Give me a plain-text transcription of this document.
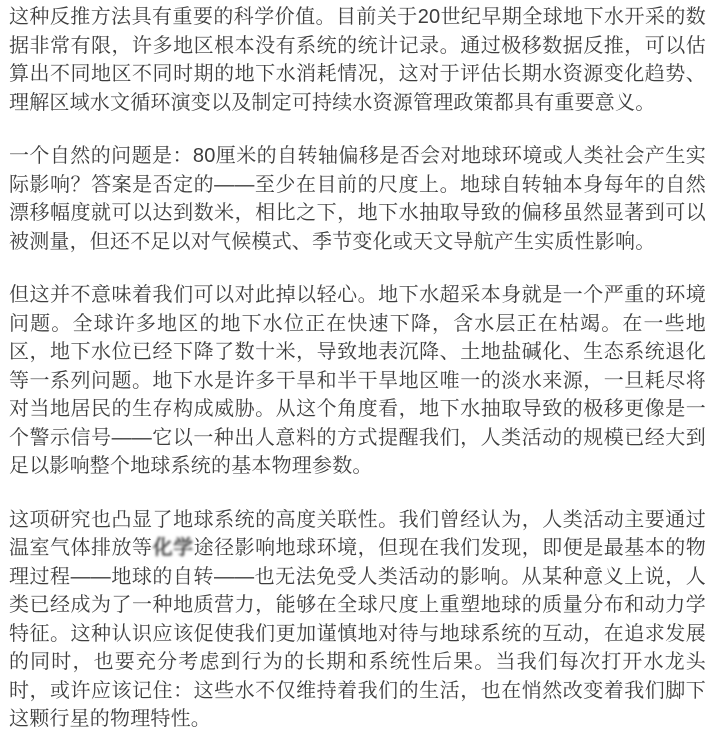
这种反推方法具有重要的科学价值。目前关于20世纪早期全球地下水开采的数据非常有限，许多地区根本没有系统的统计记录。通过极移数据反推，可以估算出不同地区不同时期的地下水消耗情况，这对于评估长期水资源变化趋势、理解区域水文循环演变以及制定可持续水资源管理政策都具有重要意义。

一个自然的问题是：80厘米的自转轴偏移是否会对地球环境或人类社会产生实际影响？答案是否定的——至少在目前的尺度上。地球自转轴本身每年的自然漂移幅度就可以达到数米，相比之下，地下水抽取导致的偏移虽然显著到可以被测量，但还不足以对气候模式、季节变化或天文导航产生实质性影响。

但这并不意味着我们可以对此掉以轻心。地下水超采本身就是一个严重的环境问题。全球许多地区的地下水位正在快速下降，含水层正在枯竭。在一些地区，地下水位已经下降了数十米，导致地表沉降、土地盐碱化、生态系统退化等一系列问题。地下水是许多干旱和半干旱地区唯一的淡水来源，一旦耗尽将对当地居民的生存构成威胁。从这个角度看，地下水抽取导致的极移更像是一个警示信号——它以一种出人意料的方式提醒我们，人类活动的规模已经大到足以影响整个地球系统的基本物理参数。

这项研究也凸显了地球系统的高度关联性。我们曾经认为，人类活动主要通过温室气体排放等化学途径影响地球环境，但现在我们发现，即便是最基本的物理过程——地球的自转——也无法免受人类活动的影响。从某种意义上说，人类已经成为了一种地质营力，能够在全球尺度上重塑地球的质量分布和动力学特征。这种认识应该促使我们更加谨慎地对待与地球系统的互动，在追求发展的同时，也要充分考虑到行为的长期和系统性后果。当我们每次打开水龙头时，或许应该记住：这些水不仅维持着我们的生活，也在悄然改变着我们脚下这颗行星的物理特性。
